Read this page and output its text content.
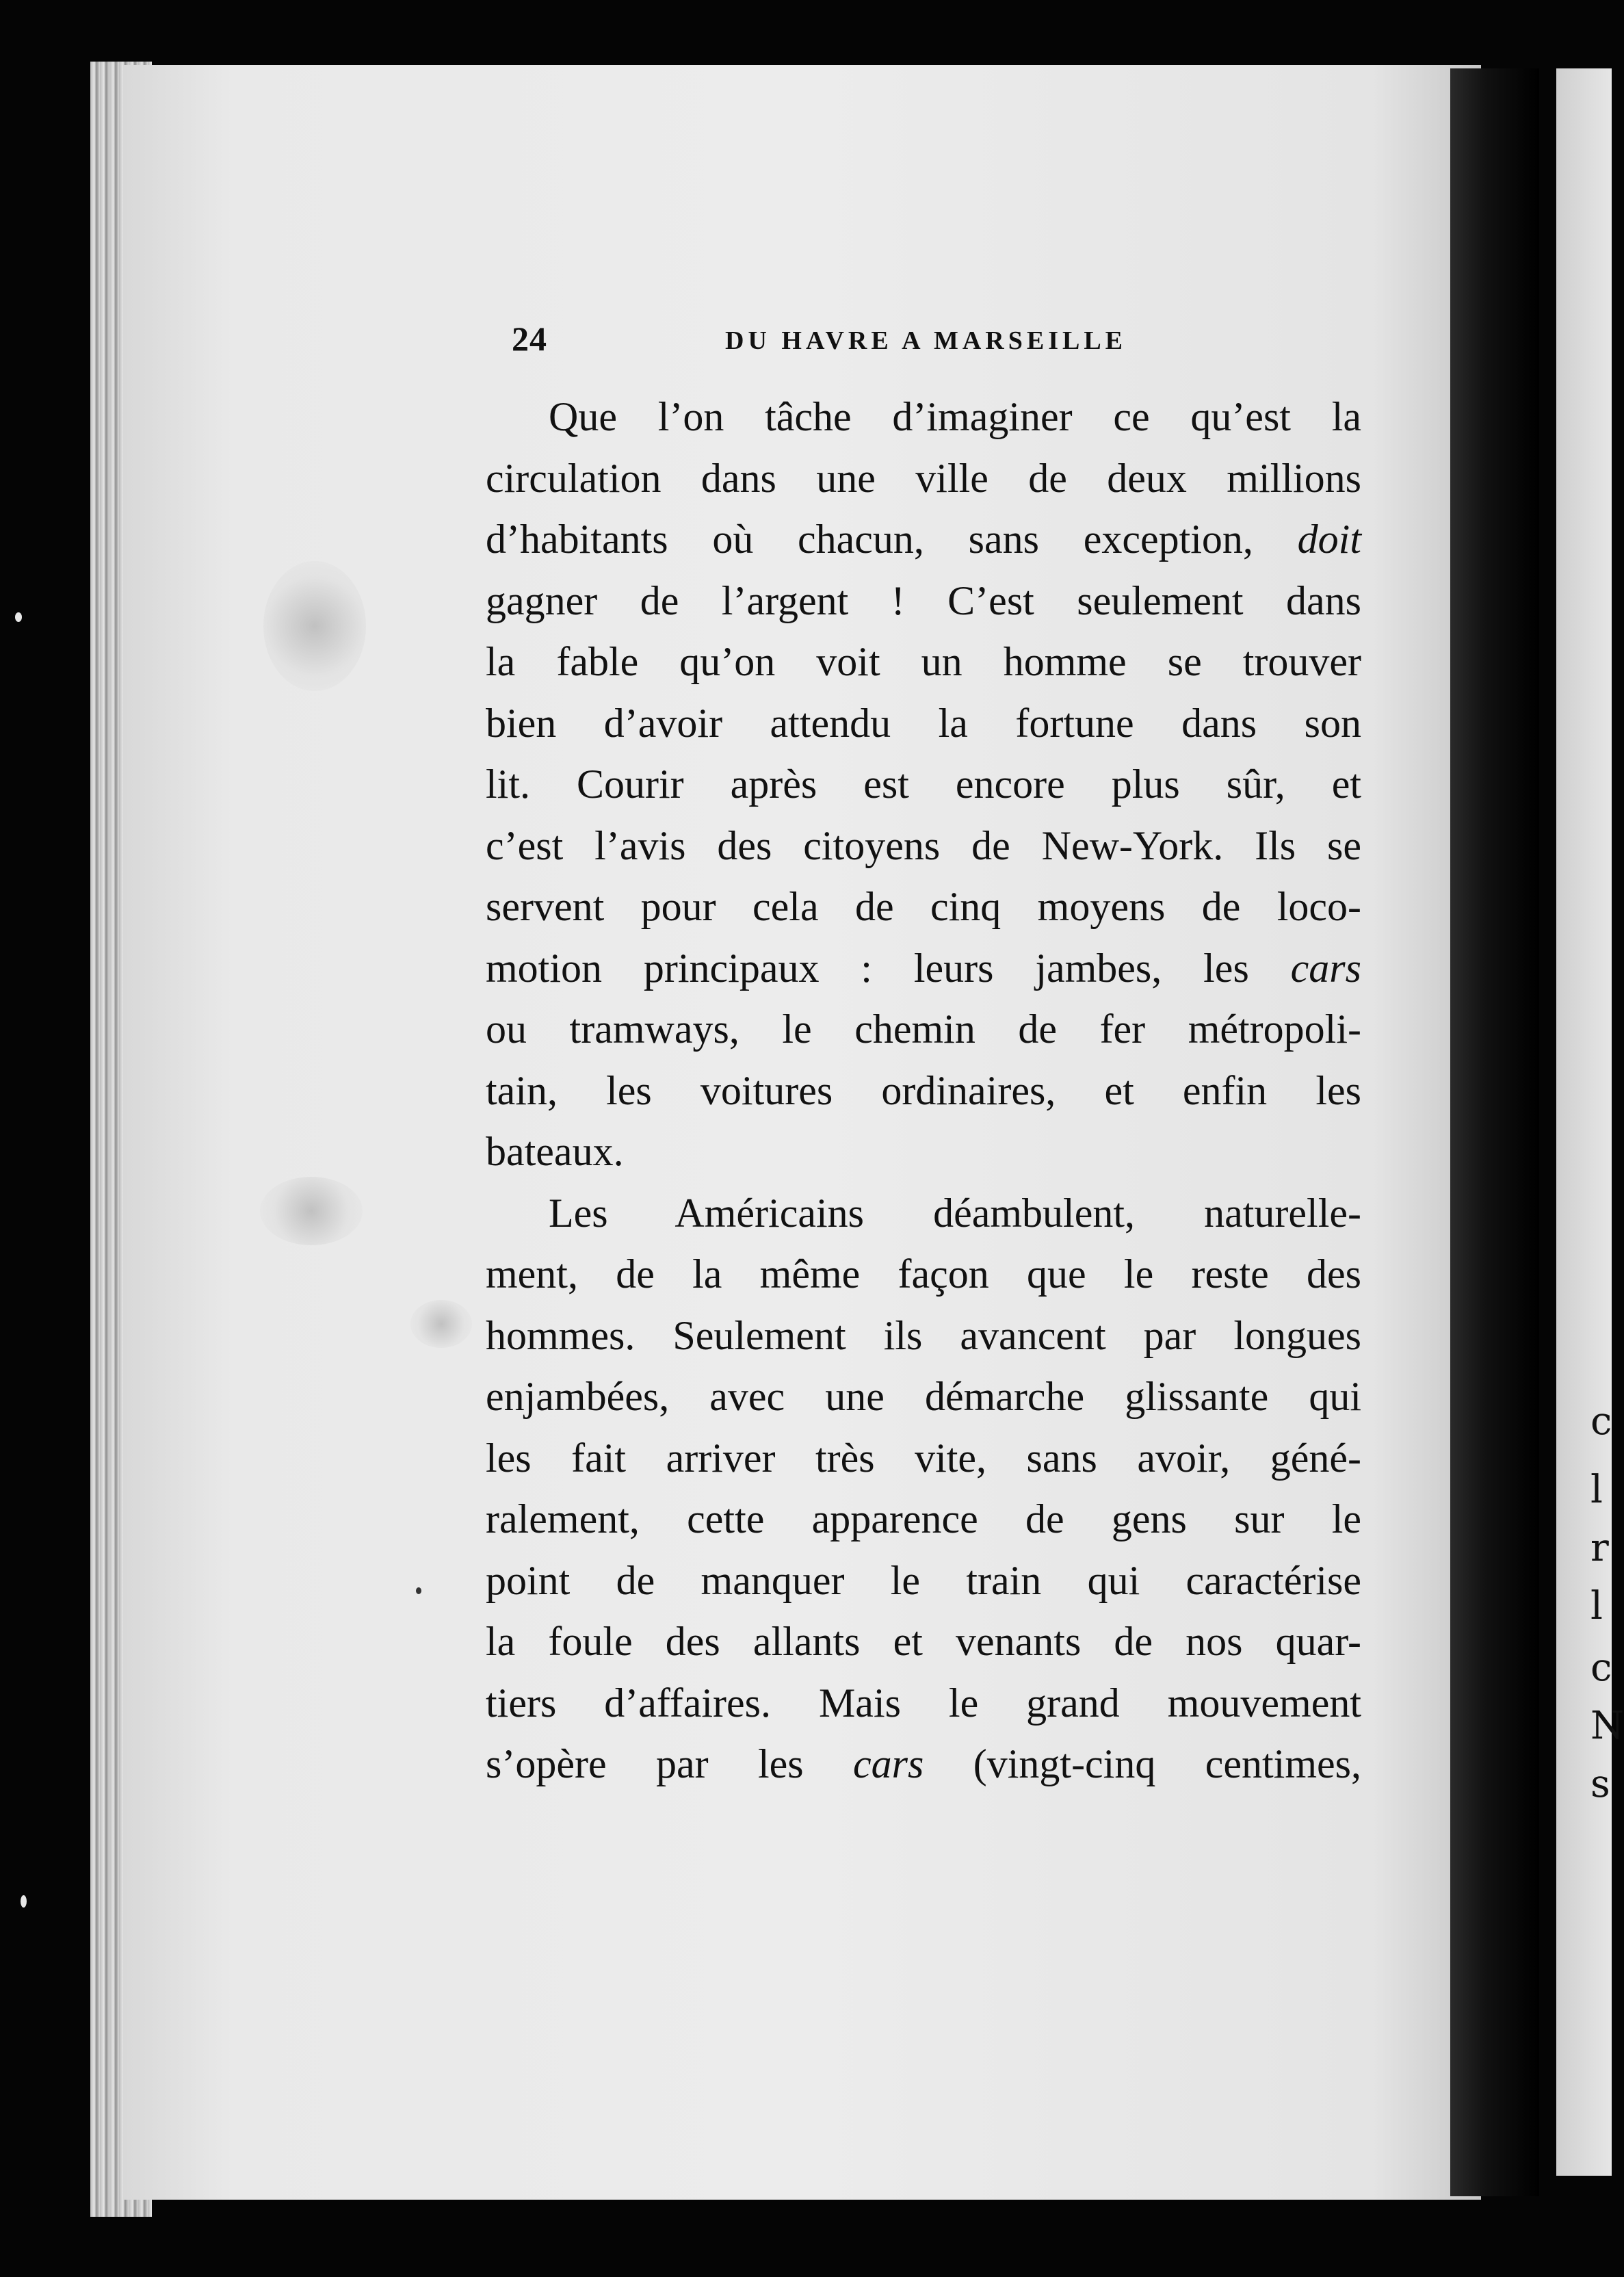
24	DU HAVRE A MARSEILLE
Que l’on tâche d’imaginer ce qu’est la
circulation dans une ville de deux millions
d’habitants où chacun, sans exception, doit
gagner de l’argent ! C’est seulement dans
la fable qu’on voit un homme se trouver
bien d’avoir attendu la fortune dans son
lit. Courir après est encore plus sûr, et
c’est l’avis des citoyens de New-York. Ils se
servent pour cela de cinq moyens de loco-
motion principaux : leurs jambes, les cars
ou tramways, le chemin de fer métropoli-
tain, les voitures ordinaires, et enfin les
bateaux.
Les Américains déambulent, naturelle-
ment, de la même façon que le reste des
hommes. Seulement ils avancent par longues
enjambées, avec une démarche glissante qui
les fait arriver très vite, sans avoir, géné-
ralement, cette apparence de gens sur le
point de manquer le train qui caractérise
la foule des allants et venants de nos quar-
tiers d’affaires. Mais le grand mouvement
s’opère par les cars (vingt-cinq centimes,
c
l
r
l
c
N
s
